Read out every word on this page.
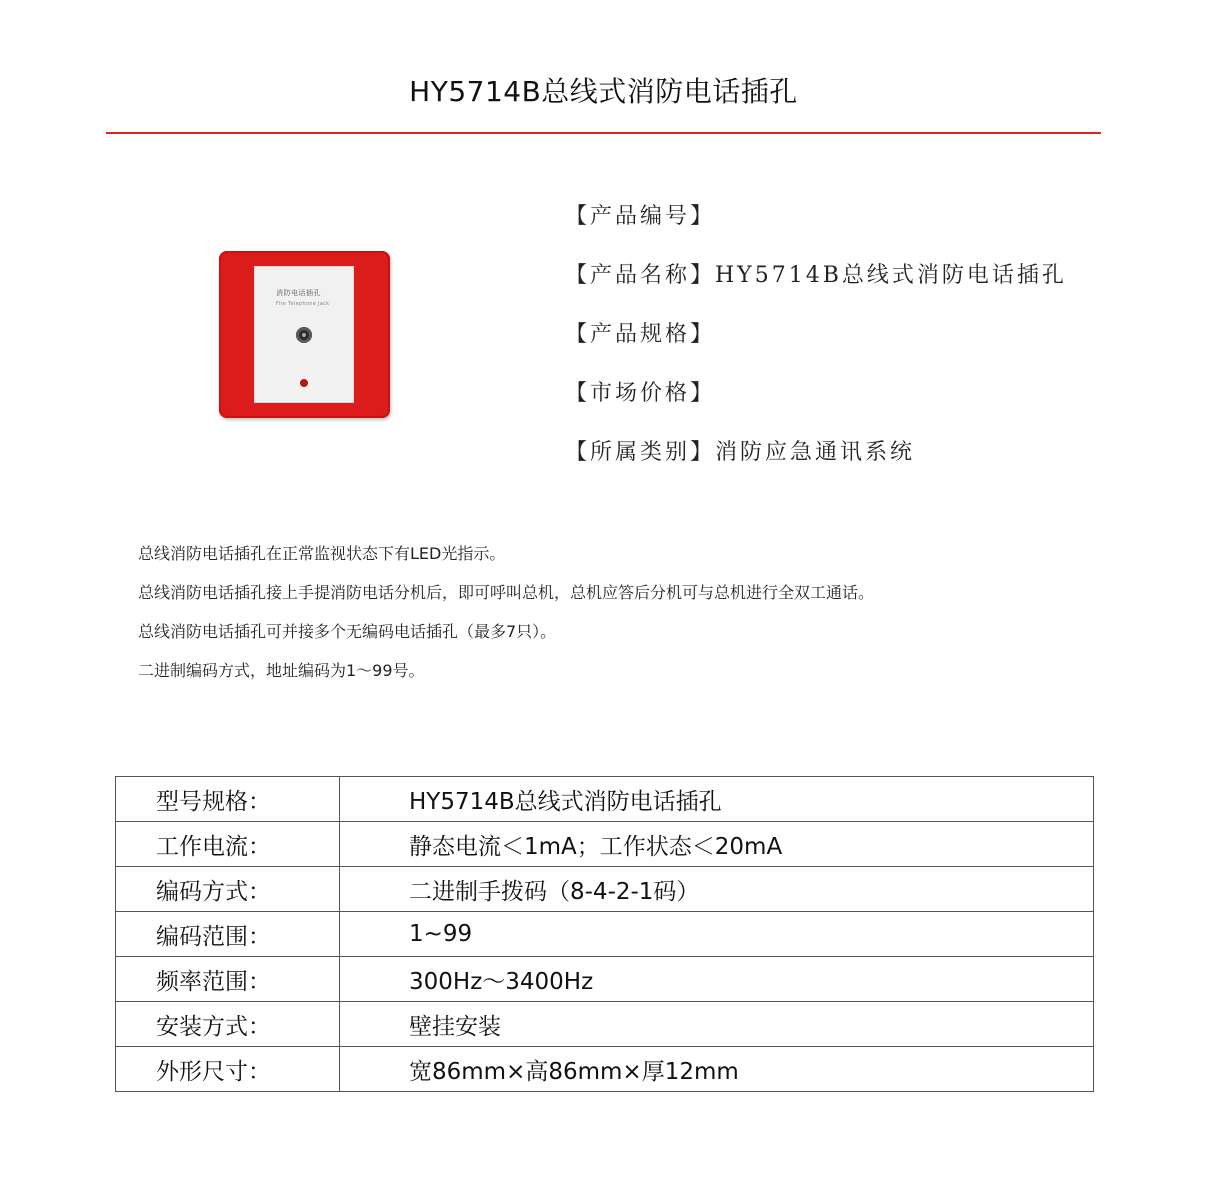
HY5714B总线式消防电话插孔
消防电话插孔
Fire Telephone Jack
【产品编号】
【产品名称】HY5714B总线式消防电话插孔
【产品规格】
【市场价格】
【所属类别】消防应急通讯系统
总线消防电话插孔在正常监视状态下有LED光指示。
总线消防电话插孔接上手提消防电话分机后，即可呼叫总机，总机应答后分机可与总机进行全双工通话。
总线消防电话插孔可并接多个无编码电话插孔（最多7只）。
二进制编码方式，地址编码为1～99号。
型号规格：	HY5714B总线式消防电话插孔
工作电流：	静态电流＜1mA；工作状态＜20mA
编码方式：	二进制手拨码（8-4-2-1码）
编码范围：	1~99
频率范围：	300Hz～3400Hz
安装方式：	壁挂安装
外形尺寸：	宽86mm×高86mm×厚12mm
